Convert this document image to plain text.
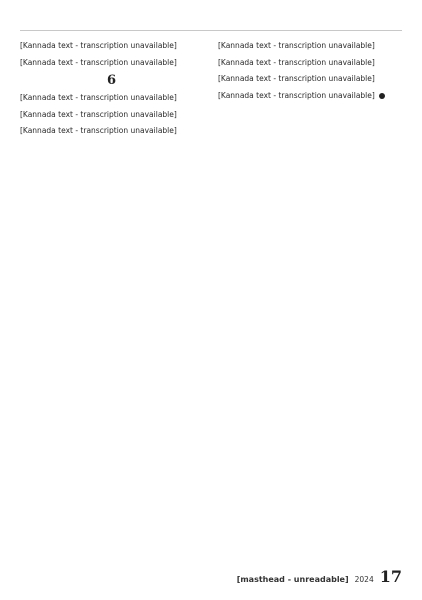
[Kannada text - transcription unavailable]

[Kannada text - transcription unavailable]

6

[Kannada text - transcription unavailable]

[Kannada text - transcription unavailable]

[Kannada text - transcription unavailable]

[Kannada text - transcription unavailable]

[Kannada text - transcription unavailable]

[Kannada text - transcription unavailable]

[Kannada text - transcription unavailable]

[masthead - unreadable] 2024 17
